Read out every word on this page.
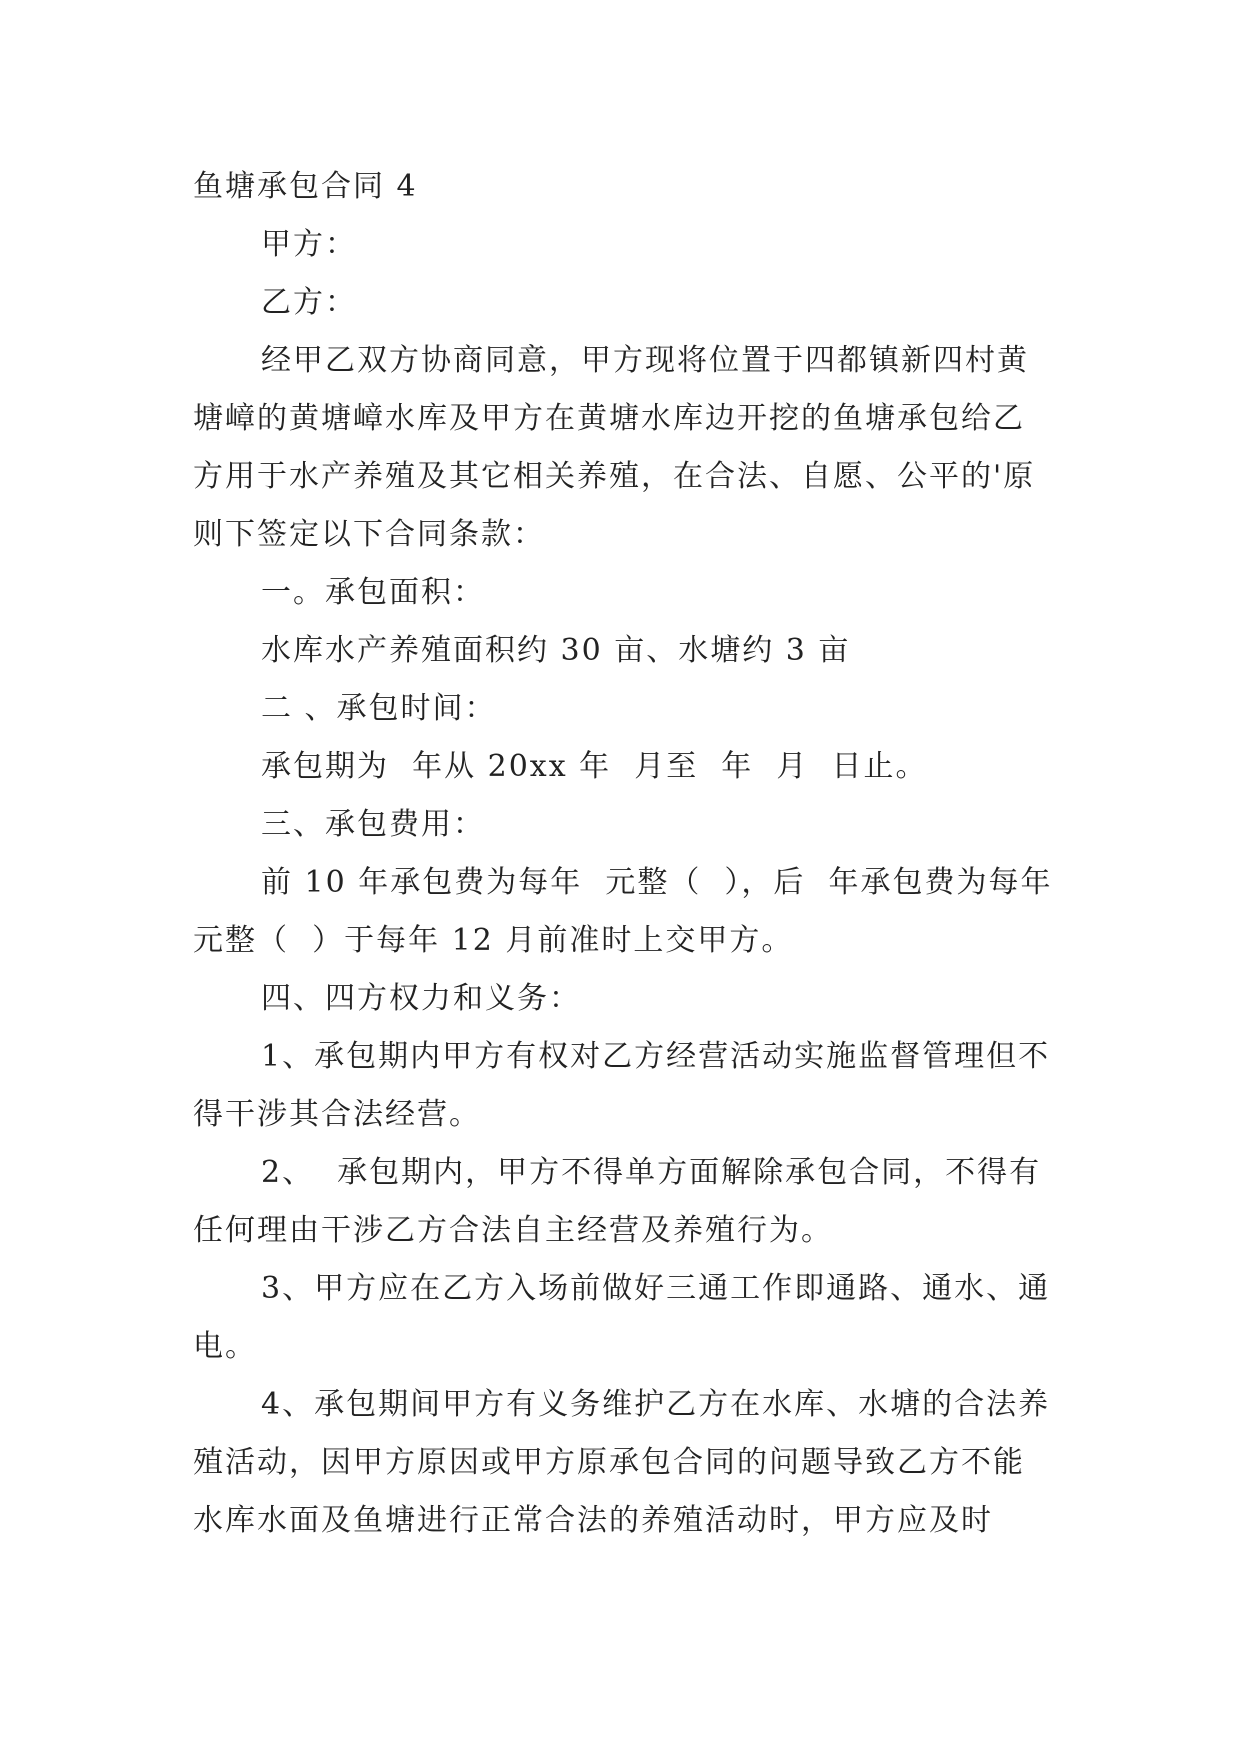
鱼塘承包合同 4

甲方：

乙方：

经甲乙双方协商同意，甲方现将位置于四都镇新四村黄塘嶂的黄塘嶂水库及甲方在黄塘水库边开挖的鱼塘承包给乙方用于水产养殖及其它相关养殖，在合法、自愿、公平的'原则下签定以下合同条款：

一。承包面积：

水库水产养殖面积约 30 亩、水塘约 3 亩

二 、承包时间：

承包期为  年从 20xx 年  月至  年  月  日止。

三、承包费用：

前 10 年承包费为每年  元整（  ），后  年承包费为每年  元整（  ）于每年 12 月前准时上交甲方。

四、四方权力和义务：

1、承包期内甲方有权对乙方经营活动实施监督管理但不得干涉其合法经营。

2、  承包期内，甲方不得单方面解除承包合同，不得有任何理由干涉乙方合法自主经营及养殖行为。

3、甲方应在乙方入场前做好三通工作即通路、通水、通电。

4、承包期间甲方有义务维护乙方在水库、水塘的合法养殖活动，因甲方原因或甲方原承包合同的问题导致乙方不能水库水面及鱼塘进行正常合法的养殖活动时，甲方应及时
